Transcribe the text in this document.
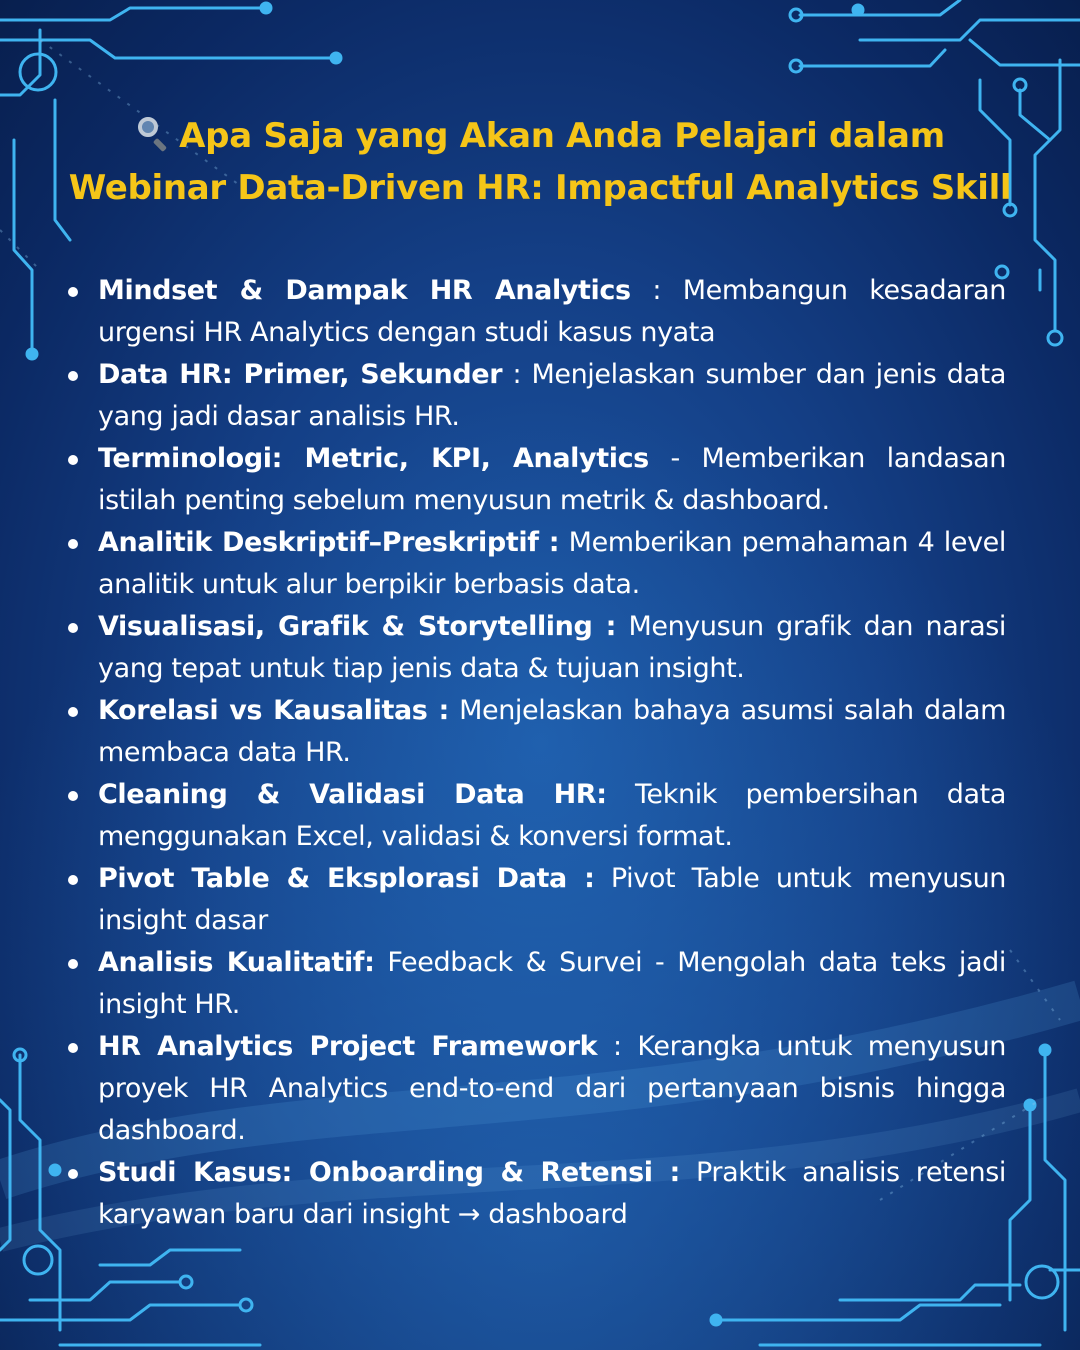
Apa Saja yang Akan Anda Pelajari dalam
Webinar Data-Driven HR: Impactful Analytics Skill
Mindset & Dampak HR Analytics : Membangun kesadaran urgensi HR Analytics dengan studi kasus nyata
Data HR: Primer, Sekunder : Menjelaskan sumber dan jenis data yang jadi dasar analisis HR.
Terminologi: Metric, KPI, Analytics - Memberikan landasan istilah penting sebelum menyusun metrik & dashboard.
Analitik Deskriptif–Preskriptif : Memberikan pemahaman 4 level analitik untuk alur berpikir berbasis data.
Visualisasi, Grafik & Storytelling : Menyusun grafik dan narasi yang tepat untuk tiap jenis data & tujuan insight.
Korelasi vs Kausalitas : Menjelaskan bahaya asumsi salah dalam membaca data HR.
Cleaning & Validasi Data HR: Teknik pembersihan data menggunakan Excel, validasi & konversi format.
Pivot Table & Eksplorasi Data : Pivot Table untuk menyusun insight dasar
Analisis Kualitatif: Feedback & Survei - Mengolah data teks jadi insight HR.
HR Analytics Project Framework : Kerangka untuk menyusun proyek HR Analytics end-to-end dari pertanyaan bisnis hingga dashboard.
Studi Kasus: Onboarding & Retensi : Praktik analisis retensi karyawan baru dari insight → dashboard
